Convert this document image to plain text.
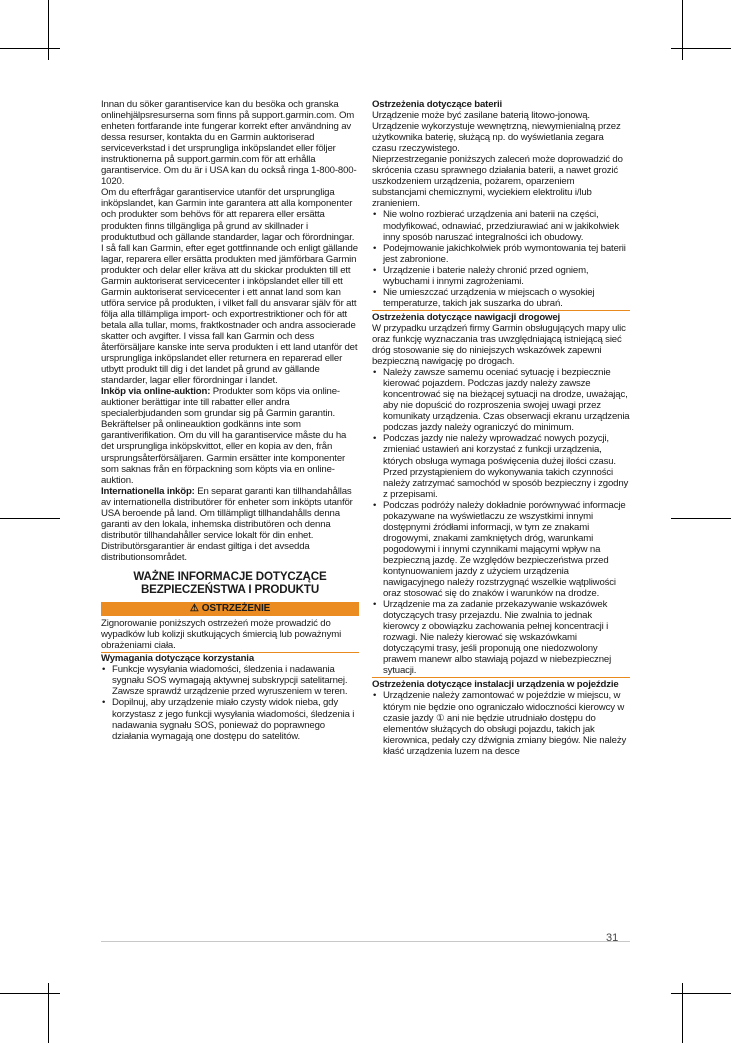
Innan du söker garantiservice kan du besöka och granska onlinehjälpsresurserna som finns på support.garmin.com. Om enheten fortfarande inte fungerar korrekt efter användning av dessa resurser, kontakta du en Garmin auktoriserad serviceverkstad i det ursprungliga inköpslandet eller följer instruktionerna på support.garmin.com för att erhålla garantiservice. Om du är i USA kan du också ringa 1-800-800-1020.

Om du efterfrågar garantiservice utanför det ursprungliga inköpslandet, kan Garmin inte garantera att alla komponenter och produkter som behövs för att reparera eller ersätta produkten finns tillgängliga på grund av skillnader i produktutbud och gällande standarder, lagar och förordningar. I så fall kan Garmin, efter eget gottfinnande och enligt gällande lagar, reparera eller ersätta produkten med jämförbara Garmin produkter och delar eller kräva att du skickar produkten till ett Garmin auktoriserat servicecenter i inköpslandet eller till ett Garmin auktoriserat servicecenter i ett annat land som kan utföra service på produkten, i vilket fall du ansvarar själv för att följa alla tillämpliga import- och exportrestriktioner och för att betala alla tullar, moms, fraktkostnader och andra associerade skatter och avgifter. I vissa fall kan Garmin och dess återförsäljare kanske inte serva produkten i ett land utanför det ursprungliga inköpslandet eller returnera en reparerad eller utbytt produkt till dig i det landet på grund av gällande standarder, lagar eller förordningar i landet.

Inköp via online-auktion: Produkter som köps via online-auktioner berättigar inte till rabatter eller andra specialerbjudanden som grundar sig på Garmin garantin. Bekräftelser på onlineauktion godkänns inte som garantiverifikation. Om du vill ha garantiservice måste du ha det ursprungliga inköpskvittot, eller en kopia av den, från ursprungsåterförsäljaren. Garmin ersätter inte komponenter som saknas från en förpackning som köpts via en online-auktion.

Internationella inköp: En separat garanti kan tillhandahållas av internationella distributörer för enheter som inköpts utanför USA beroende på land. Om tillämpligt tillhandahålls denna garanti av den lokala, inhemska distributören och denna distributör tillhandahåller service lokalt för din enhet. Distributörsgarantier är endast giltiga i det avsedda distributionsområdet.

WAŻNE INFORMACJE DOTYCZĄCE BEZPIECZEŃSTWA I PRODUKTU
⚠ OSTRZEŻENIE

Zignorowanie poniższych ostrzeżeń może prowadzić do wypadków lub kolizji skutkujących śmiercią lub poważnymi obrażeniami ciała.

Wymagania dotyczące korzystania

• Funkcje wysyłania wiadomości, śledzenia i nadawania sygnału SOS wymagają aktywnej subskrypcji satelitarnej. Zawsze sprawdź urządzenie przed wyruszeniem w teren.
• Dopilnuj, aby urządzenie miało czysty widok nieba, gdy korzystasz z jego funkcji wysyłania wiadomości, śledzenia i nadawania sygnału SOS, ponieważ do poprawnego działania wymagają one dostępu do satelitów.

Ostrzeżenia dotyczące baterii

Urządzenie może być zasilane baterią litowo-jonową. Urządzenie wykorzystuje wewnętrzną, niewymienialną przez użytkownika baterię, służącą np. do wyświetlania zegara czasu rzeczywistego.

Nieprzestrzeganie poniższych zaleceń może doprowadzić do skrócenia czasu sprawnego działania baterii, a nawet grozić uszkodzeniem urządzenia, pożarem, oparzeniem substancjami chemicznymi, wyciekiem elektrolitu i/lub zranieniem.

• Nie wolno rozbierać urządzenia ani baterii na części, modyfikować, odnawiać, przedziurawiać ani w jakikolwiek inny sposób naruszać integralności ich obudowy.
• Podejmowanie jakichkolwiek prób wymontowania tej baterii jest zabronione.
• Urządzenie i baterie należy chronić przed ogniem, wybuchami i innymi zagrożeniami.
• Nie umieszczać urządzenia w miejscach o wysokiej temperaturze, takich jak suszarka do ubrań.

Ostrzeżenia dotyczące nawigacji drogowej

W przypadku urządzeń firmy Garmin obsługujących mapy ulic oraz funkcję wyznaczania tras uwzględniającą istniejącą sieć dróg stosowanie się do niniejszych wskazówek zapewni bezpieczną nawigację po drogach.

• Należy zawsze samemu oceniać sytuację i bezpiecznie kierować pojazdem. Podczas jazdy należy zawsze koncentrować się na bieżącej sytuacji na drodze, uważając, aby nie dopuścić do rozproszenia swojej uwagi przez komunikaty urządzenia. Czas obserwacji ekranu urządzenia podczas jazdy należy ograniczyć do minimum.
• Podczas jazdy nie należy wprowadzać nowych pozycji, zmieniać ustawień ani korzystać z funkcji urządzenia, których obsługa wymaga poświęcenia dużej ilości czasu. Przed przystąpieniem do wykonywania takich czynności należy zatrzymać samochód w sposób bezpieczny i zgodny z przepisami.
• Podczas podróży należy dokładnie porównywać informacje pokazywane na wyświetlaczu ze wszystkimi innymi dostępnymi źródłami informacji, w tym ze znakami drogowymi, znakami zamkniętych dróg, warunkami pogodowymi i innymi czynnikami mającymi wpływ na bezpieczną jazdę. Ze względów bezpieczeństwa przed kontynuowaniem jazdy z użyciem urządzenia nawigacyjnego należy rozstrzygnąć wszelkie wątpliwości oraz stosować się do znaków i warunków na drodze.
• Urządzenie ma za zadanie przekazywanie wskazówek dotyczących trasy przejazdu. Nie zwalnia to jednak kierowcy z obowiązku zachowania pełnej koncentracji i rozwagi. Nie należy kierować się wskazówkami dotyczącymi trasy, jeśli proponują one niedozwolony prawem manewr albo stawiają pojazd w niebezpiecznej sytuacji.

Ostrzeżenia dotyczące instalacji urządzenia w pojeździe

• Urządzenie należy zamontować w pojeździe w miejscu, w którym nie będzie ono ograniczało widoczności kierowcy w czasie jazdy ① ani nie będzie utrudniało dostępu do elementów służących do obsługi pojazdu, takich jak kierownica, pedały czy dźwignia zmiany biegów. Nie należy kłaść urządzenia luzem na desce
31
